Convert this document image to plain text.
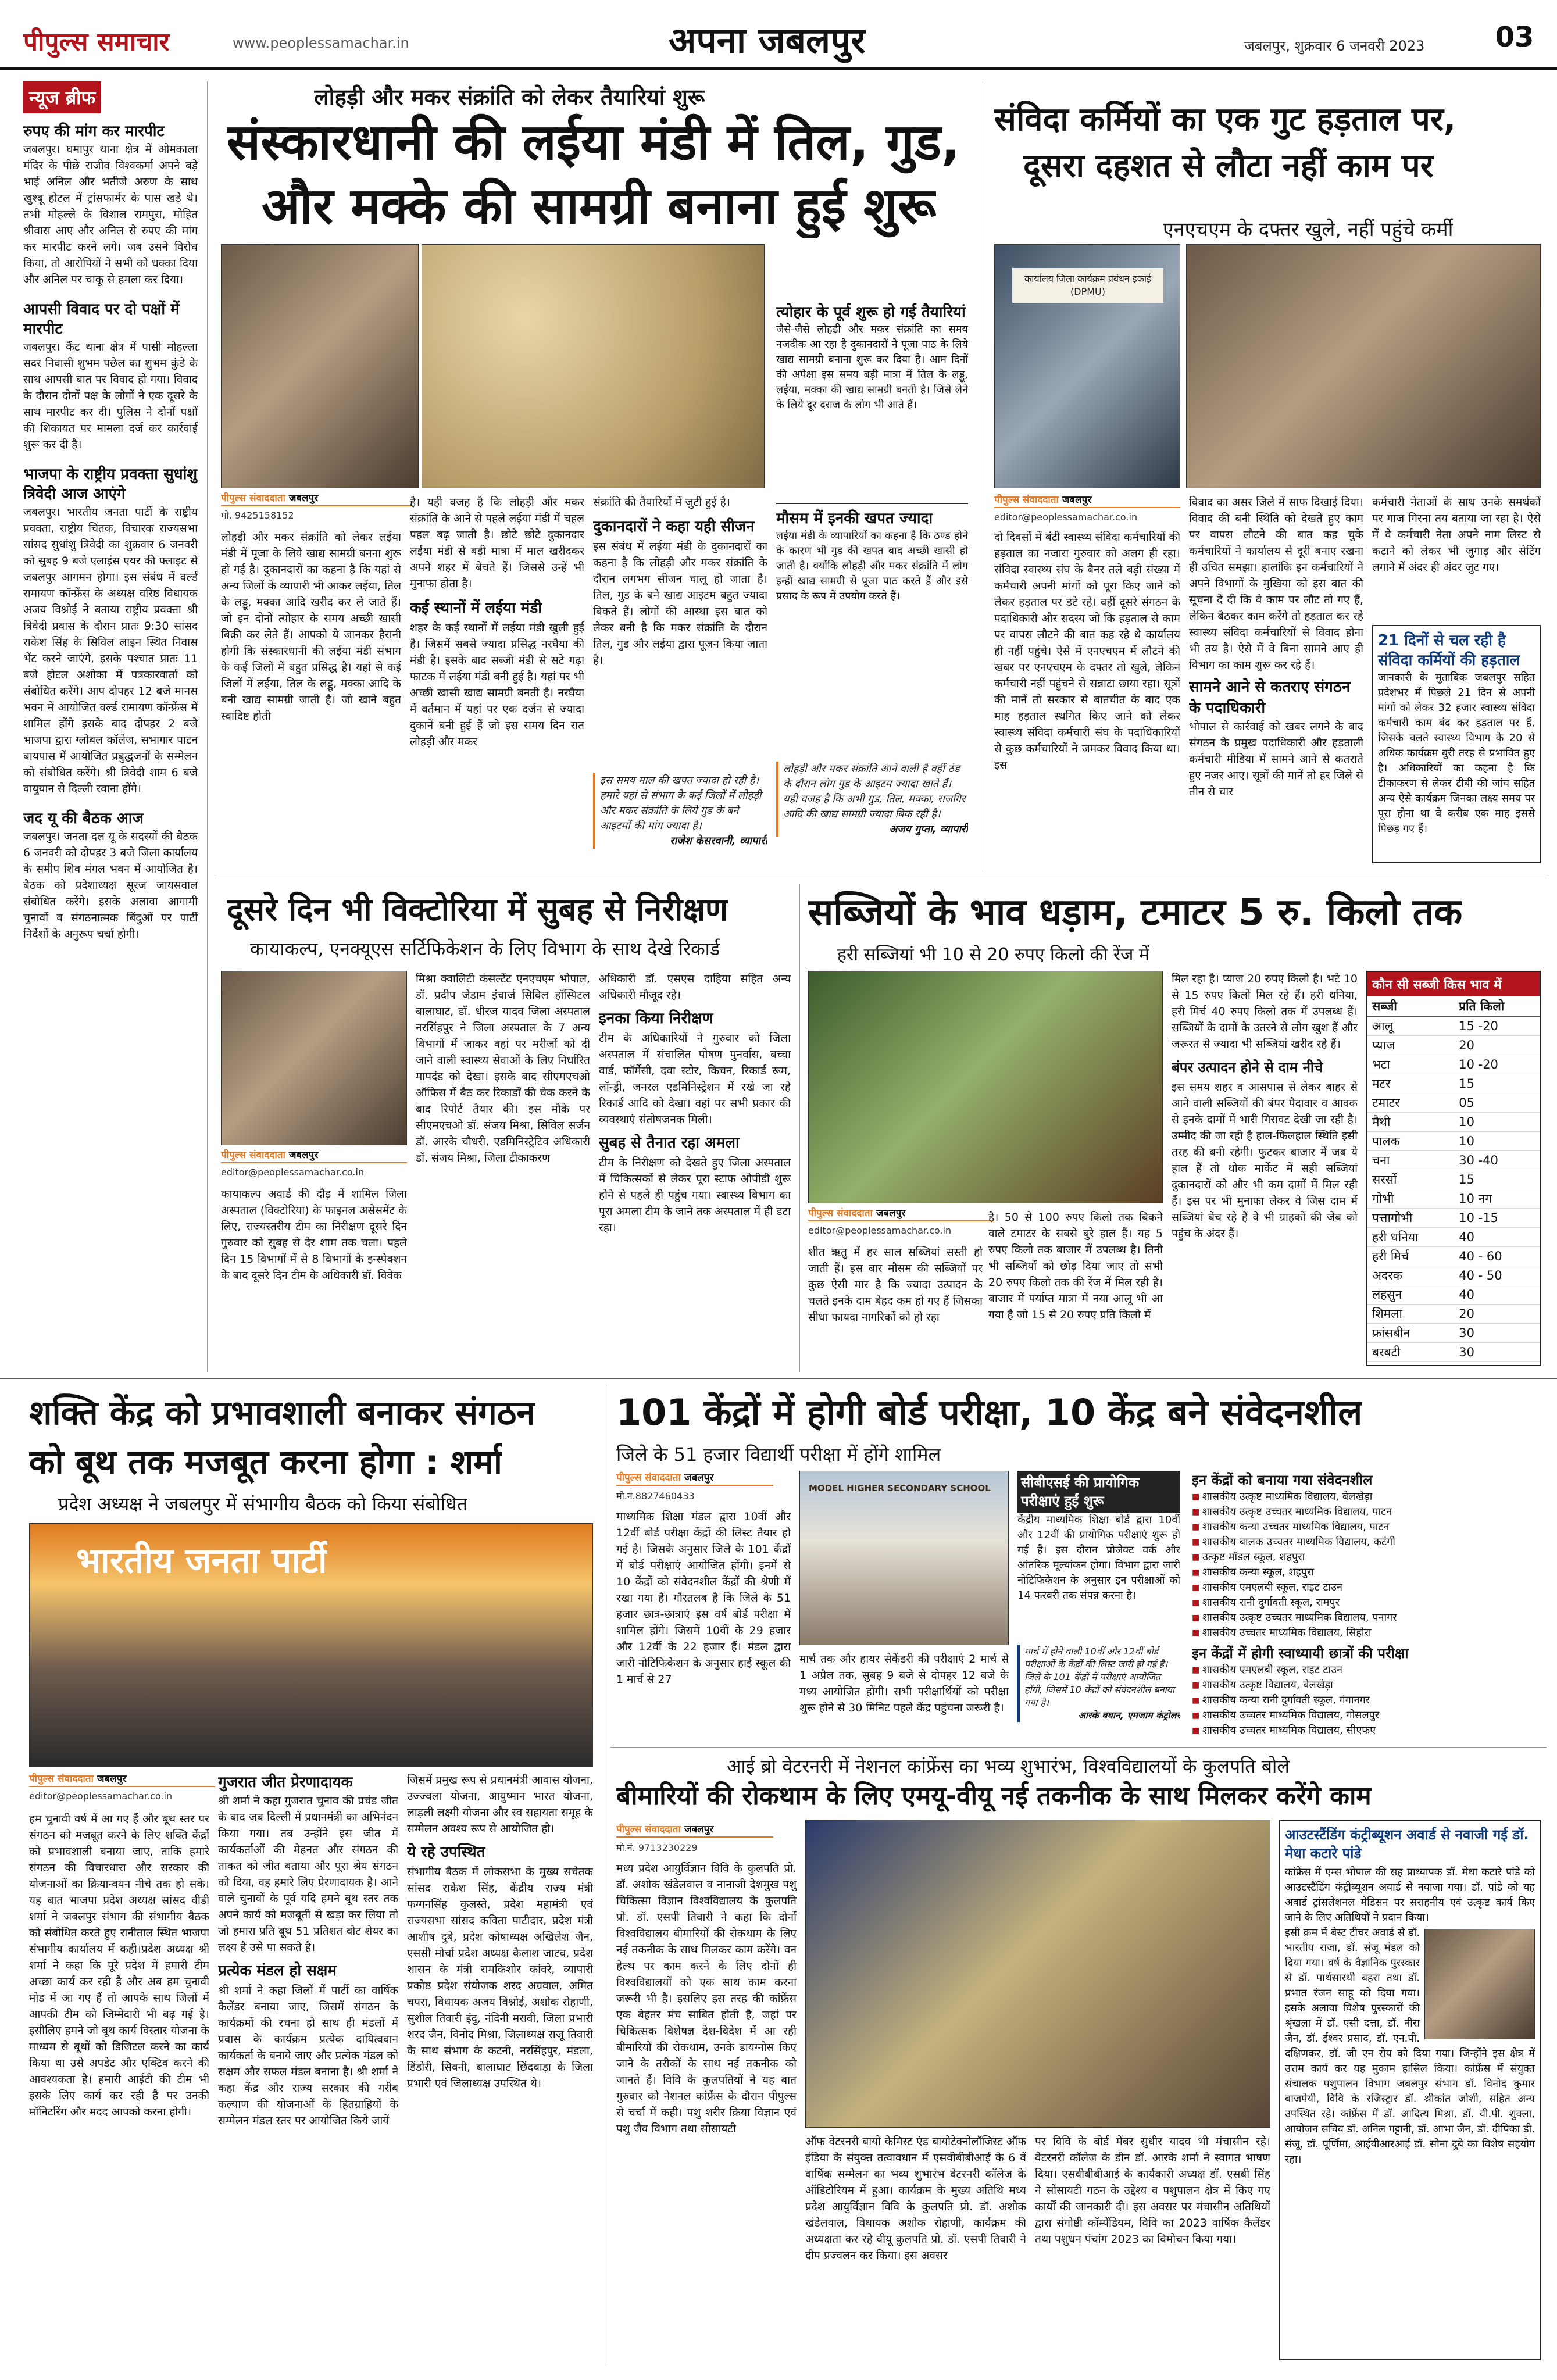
पीपुल्स समाचार	www.peoplessamachar.in	अपना जबलपुर	जबलपुर, शुक्रवार 6 जनवरी 2023	03
न्यूज ब्रीफ
रुपए की मांग कर मारपीट
जबलपुर। घमापुर थाना क्षेत्र में ओमकाला मंदिर के पीछे राजीव विश्वकर्मा अपने बड़े भाई अनिल और भतीजे अरुण के साथ खुश्बू होटल में ट्रांसफार्मर के पास खड़े थे। तभी मोहल्ले के विशाल रामपुरा, मोहित श्रीवास आए और अनिल से रुपए की मांग कर मारपीट करने लगे। जब उसने विरोध किया, तो आरोपियों ने सभी को धक्का दिया और अनिल पर चाकू से हमला कर दिया।
आपसी विवाद पर दो पक्षों में मारपीट
जबलपुर। कैंट थाना क्षेत्र में पासी मोहल्ला सदर निवासी शुभम पछेल का शुभम कुंडे के साथ आपसी बात पर विवाद हो गया। विवाद के दौरान दोनों पक्ष के लोगों ने एक दूसरे के साथ मारपीट कर दी। पुलिस ने दोनों पक्षों की शिकायत पर मामला दर्ज कर कार्रवाई शुरू कर दी है।
भाजपा के राष्ट्रीय प्रवक्ता सुधांशु त्रिवेदी आज आएंगे
जबलपुर। भारतीय जनता पार्टी के राष्ट्रीय प्रवक्ता, राष्ट्रीय चिंतक, विचारक राज्यसभा सांसद सुधांशु त्रिवेदी का शुक्रवार 6 जनवरी को सुबह 9 बजे एलाइंस एयर की फ्लाइट से जबलपुर आगमन होगा। इस संबंध में वर्ल्ड रामायण कॉन्फ्रेंस के अध्यक्ष वरिष्ठ विधायक अजय विश्नोई ने बताया राष्ट्रीय प्रवक्ता श्री त्रिवेदी प्रवास के दौरान प्रातः 9:30 सांसद राकेश सिंह के सिविल लाइन स्थित निवास भेंट करने जाएंगे, इसके पश्चात प्रातः 11 बजे होटल अशोका में पत्रकारवार्ता को संबोधित करेंगे। आप दोपहर 12 बजे मानस भवन में आयोजित वर्ल्ड रामायण कॉन्फ्रेंस में शामिल होंगे इसके बाद दोपहर 2 बजे भाजपा द्वारा ग्लोबल कॉलेज, सभागार पाटन बायपास में आयोजित प्रबुद्धजनों के सम्मेलन को संबोधित करेंगे। श्री त्रिवेदी शाम 6 बजे वायुयान से दिल्ली रवाना होंगे।
जद यू की बैठक आज
जबलपुर। जनता दल यू के सदस्यों की बैठक 6 जनवरी को दोपहर 3 बजे जिला कार्यालय के समीप शिव मंगल भवन में आयोजित है। बैठक को प्रदेशाध्यक्ष सूरज जायसवाल संबोधित करेंगे। इसके अलावा आगामी चुनावों व संगठनात्मक बिंदुओं पर पार्टी निर्देशों के अनुरूप चर्चा होगी।
लोहड़ी और मकर संक्रांति को लेकर तैयारियां शुरू
संस्कारधानी की लईया मंडी में तिल, गुड,
और मक्के की सामग्री बनाना हुई शुरू
पीपुल्स संवाददाता जबलपुर
मो. 9425158152
लोहड़ी और मकर संक्रांति को लेकर लईया मंडी में पूजा के लिये खाद्य सामग्री बनना शुरू हो गई है। दुकानदारों का कहना है कि यहां से अन्य जिलों के व्यापारी भी आकर लईया, तिल के लड्डू, मक्का आदि खरीद कर ले जाते हैं। जो इन दोनों त्योहार के समय अच्छी खासी बिक्री कर लेते हैं। आपको ये जानकर हैरानी होगी कि संस्कारधानी की लईया मंडी संभाग के कई जिलों में बहुत प्रसिद्ध है। यहां से कई जिलों में लईया, तिल के लड्डू, मक्का आदि के बनी खाद्य सामग्री जाती है। जो खाने बहुत स्वादिष्ट होती
है। यही वजह है कि लोहड़ी और मकर संक्रांति के आने से पहले लईया मंडी में चहल पहल बढ़ जाती है। छोटे छोटे दुकानदार लईया मंडी से बड़ी मात्रा में माल खरीदकर अपने शहर में बेचते हैं। जिससे उन्हें भी मुनाफा होता है।
कई स्थानों में लईया मंडी
शहर के कई स्थानों में लईया मंडी खुली हुई है। जिसमें सबसे ज्यादा प्रसिद्ध नरघैया की मंडी है। इसके बाद सब्जी मंडी से सटे गढ़ा फाटक में लईया मंडी बनी हुई है। यहां पर भी अच्छी खासी खाद्य सामग्री बनती है। नरघैया में वर्तमान में यहां पर एक दर्जन से ज्यादा दुकानें बनी हुई हैं जो इस समय दिन रात लोहड़ी और मकर
संक्रांति की तैयारियों में जुटी हुई है।
दुकानदारों ने कहा यही सीजन
इस संबंध में लईया मंडी के दुकानदारों का कहना है कि लोहड़ी और मकर संक्रांति के दौरान लगभग सीजन चालू हो जाता है। तिल, गुड के बने खाद्य आइटम बहुत ज्यादा बिकते हैं। लोगों की आस्था इस बात को लेकर बनी है कि मकर संक्रांति के दौरान तिल, गुड और लईया द्वारा पूजन किया जाता है।
इस समय माल की खपत ज्यादा हो रही है। हमारे यहां से संभाग के कई जिलों में लोहड़ी और मकर संक्रांति के लिये गुड के बने आइटमों की मांग ज्यादा है।
राजेश केसरवानी, व्यापारी
त्योहार के पूर्व शुरू हो गई तैयारियां
जैसे-जैसे लोहड़ी और मकर संक्रांति का समय नजदीक आ रहा है दुकानदारों ने पूजा पाठ के लिये खाद्य सामग्री बनाना शुरू कर दिया है। आम दिनों की अपेक्षा इस समय बड़ी मात्रा में तिल के लड्डू, लईया, मक्का की खाद्य सामग्री बनती है। जिसे लेने के लिये दूर दराज के लोग भी आते हैं।
मौसम में इनकी खपत ज्यादा
लईया मंडी के व्यापारियों का कहना है कि ठण्ड होने के कारण भी गुड की खपत बाद अच्छी खासी हो जाती है। क्योंकि लोहड़ी और मकर संक्रांति में लोग इन्हीं खाद्य सामग्री से पूजा पाठ करते हैं और इसे प्रसाद के रूप में उपयोग करते हैं।
लोहड़ी और मकर संक्रांति आने वाली है वहीं ठंड के दौरान लोग गुड के आइटम ज्यादा खाते हैं। यही वजह है कि अभी गुड, तिल, मक्का, राजगिर आदि की खाद्य सामग्री ज्यादा बिक रही है।
अजय गुप्ता, व्यापारी
संविदा कर्मियों का एक गुट हड़ताल पर,
दूसरा दहशत से लौटा नहीं काम पर
एनएचएम के दफ्तर खुले, नहीं पहुंचे कर्मी
कार्यालय जिला कार्यक्रम प्रबंधन इकाई (DPMU)
पीपुल्स संवाददाता जबलपुर
editor@peoplessamachar.co.in
दो दिवसों में बंटी स्वास्थ्य संविदा कर्मचारियों की हड़ताल का नजारा गुरुवार को अलग ही रहा। संविदा स्वास्थ्य संघ के बैनर तले बड़ी संख्या में कर्मचारी अपनी मांगों को पूरा किए जाने को लेकर हड़ताल पर डटे रहे। वहीं दूसरे संगठन के पदाधिकारी और सदस्य जो कि हड़ताल से काम पर वापस लौटने की बात कह रहे थे कार्यालय ही नहीं पहुंचे। ऐसे में एनएचएम में लौटने की खबर पर एनएचएम के दफ्तर तो खुले, लेकिन कर्मचारी नहीं पहुंचने से सन्नाटा छाया रहा। सूत्रों की मानें तो सरकार से बातचीत के बाद एक माह हड़ताल स्थगित किए जाने को लेकर स्वास्थ्य संविदा कर्मचारी संघ के पदाधिकारियों से कुछ कर्मचारियों ने जमकर विवाद किया था। इस
विवाद का असर जिले में साफ दिखाई दिया। विवाद की बनी स्थिति को देखते हुए काम पर वापस लौटने की बात कह चुके कर्मचारियों ने कार्यालय से दूरी बनाए रखना ही उचित समझा। हालांकि इन कर्मचारियों ने अपने विभागों के मुखिया को इस बात की सूचना दे दी कि वे काम पर लौट तो गए हैं, लेकिन बैठकर काम करेंगे तो हड़ताल कर रहे स्वास्थ्य संविदा कर्मचारियों से विवाद होना भी तय है। ऐसे में वे बिना सामने आए ही विभाग का काम शुरू कर रहे हैं।
सामने आने से कतराए संगठन के पदाधिकारी
भोपाल से कार्रवाई को खबर लगने के बाद संगठन के प्रमुख पदाधिकारी और हड़ताली कर्मचारी मीडिया में सामने आने से कतराते हुए नजर आए। सूत्रों की मानें तो हर जिले से तीन से चार
कर्मचारी नेताओं के साथ उनके समर्थकों पर गाज गिरना तय बताया जा रहा है। ऐसे में वे कर्मचारी नेता अपने नाम लिस्ट से कटाने को लेकर भी जुगाड़ और सेटिंग लगाने में अंदर ही अंदर जुट गए।
21 दिनों से चल रही है संविदा कर्मियों की हड़ताल
जानकारी के मुताबिक जबलपुर सहित प्रदेशभर में पिछले 21 दिन से अपनी मांगों को लेकर 32 हजार स्वास्थ्य संविदा कर्मचारी काम बंद कर हड़ताल पर हैं, जिसके चलते स्वास्थ्य विभाग के 20 से अधिक कार्यक्रम बुरी तरह से प्रभावित हुए है। अधिकारियों का कहना है कि टीकाकरण से लेकर टीबी की जांच सहित अन्य ऐसे कार्यक्रम जिनका लक्ष्य समय पर पूरा होना था वे करीब एक माह इससे पिछड़ गए हैं।
दूसरे दिन भी विक्टोरिया में सुबह से निरीक्षण
कायाकल्प, एनक्यूएस सर्टिफिकेशन के लिए विभाग के साथ देखे रिकार्ड
पीपुल्स संवाददाता जबलपुर
editor@peoplessamachar.co.in
कायाकल्प अवार्ड की दौड़ में शामिल जिला अस्पताल (विक्टोरिया) के फाइनल असेसमेंट के लिए, राज्यस्तरीय टीम का निरीक्षण दूसरे दिन गुरुवार को सुबह से देर शाम तक चला। पहले दिन 15 विभागों में से 8 विभागों के इन्स्पेक्शन के बाद दूसरे दिन टीम के अधिकारी डॉ. विवेक
मिश्रा क्वालिटी कंसल्टेंट एनएचएम भोपाल, डॉ. प्रदीप जेडाम इंचार्ज सिविल हॉस्पिटल बालाघाट, डॉ. धीरज यादव जिला अस्पताल नरसिंहपुर ने जिला अस्पताल के 7 अन्य विभागों में जाकर वहां पर मरीजों को दी जाने वाली स्वास्थ्य सेवाओं के लिए निर्धारित मापदंड को देखा। इसके बाद सीएमएचओ ऑफिस में बैठ कर रिकार्डों की चेक करने के बाद रिपोर्ट तैयार की। इस मौके पर सीएमएचओ डॉ. संजय मिश्रा, सिविल सर्जन डॉ. आरके चौधरी, एडमिनिस्ट्रेटिव अधिकारी डॉ. संजय मिश्रा, जिला टीकाकरण
अधिकारी डॉ. एसएस दाहिया सहित अन्य अधिकारी मौजूद रहे।
इनका किया निरीक्षण
टीम के अधिकारियों ने गुरुवार को जिला अस्पताल में संचालित पोषण पुनर्वास, बच्चा वार्ड, फॉर्मेसी, दवा स्टोर, किचन, रिकार्ड रूम, लॉन्ड्री, जनरल एडमिनिस्ट्रेशन में रखे जा रहे रिकार्ड आदि को देखा। वहां पर सभी प्रकार की व्यवस्थाएं संतोषजनक मिली।
सुबह से तैनात रहा अमला
टीम के निरीक्षण को देखते हुए जिला अस्पताल में चिकित्सकों से लेकर पूरा स्टाफ ओपीडी शुरू होने से पहले ही पहुंच गया। स्वास्थ्य विभाग का पूरा अमला टीम के जाने तक अस्पताल में ही डटा रहा।
सब्जियों के भाव धड़ाम, टमाटर 5 रु. किलो तक
हरी सब्जियां भी 10 से 20 रुपए किलो की रेंज में
पीपुल्स संवाददाता जबलपुर
editor@peoplessamachar.co.in
शीत ऋतु में हर साल सब्जियां सस्ती हो जाती हैं। इस बार मौसम की सब्जियों पर कुछ ऐसी मार है कि ज्यादा उत्पादन के चलते इनके दाम बेहद कम हो गए हैं जिसका सीधा फायदा नागरिकों को हो रहा
है। 50 से 100 रुपए किलो तक बिकने वाले टमाटर के सबसे बुरे हाल हैं। यह 5 रुपए किलो तक बाजार में उपलब्ध है। तिनी भी सब्जियों को छोड़ दिया जाए तो सभी 20 रुपए किलो तक की रेंज में मिल रही हैं। बाजार में पर्याप्त मात्रा में नया आलू भी आ गया है जो 15 से 20 रुपए प्रति किलो में
मिल रहा है। प्याज 20 रुपए किलो है। भटे 10 से 15 रुपए किलो मिल रहे हैं। हरी धनिया, हरी मिर्च 40 रुपए किलो तक में उपलब्ध हैं। सब्जियों के दामों के उतरने से लोग खुश हैं और जरूरत से ज्यादा भी सब्जियां खरीद रहे हैं।
बंपर उत्पादन होने से दाम नीचे
इस समय शहर व आसपास से लेकर बाहर से आने वाली सब्जियों की बंपर पैदावार व आवक से इनके दामों में भारी गिरावट देखी जा रही है। उम्मीद की जा रही है हाल-फिलहाल स्थिति इसी तरह की बनी रहेगी। फुटकर बाजार में जब ये हाल हैं तो थोक मार्केट में सही सब्जियां दुकानदारों को और भी कम दामों में मिल रही हैं। इस पर भी मुनाफा लेकर वे जिस दाम में सब्जियां बेच रहे हैं वे भी ग्राहकों की जेब को पहुंच के अंदर हैं।
कौन सी सब्जी किस भाव में
सब्जी	प्रति किलो
आलू	15 -20
प्याज	20
भटा	10 -20
मटर	15
टमाटर	05
मैथी	10
पालक	10
चना	30 -40
सरसों	15
गोभी	10 नग
पत्तागोभी	10 -15
हरी धनिया	40
हरी मिर्च	40 - 60
अदरक	40 - 50
लहसुन	40
शिमला	20
फ्रांसबीन	30
बरबटी	30
शक्ति केंद्र को प्रभावशाली बनाकर संगठन
को बूथ तक मजबूत करना होगा : शर्मा
प्रदेश अध्यक्ष ने जबलपुर में संभागीय बैठक को किया संबोधित
भारतीय जनता पार्टी
पीपुल्स संवाददाता जबलपुर
editor@peoplessamachar.co.in
हम चुनावी वर्ष में आ गए हैं और बूथ स्तर पर संगठन को मजबूत करने के लिए शक्ति केंद्रों को प्रभावशाली बनाया जाए, ताकि हमारे संगठन की विचारधारा और सरकार की योजनाओं का क्रियान्वयन नीचे तक हो सके। यह बात भाजपा प्रदेश अध्यक्ष सांसद वीडी शर्मा ने जबलपुर संभाग की संभागीय बैठक को संबोधित करते हुए रानीताल स्थित भाजपा संभागीय कार्यालय में कही।प्रदेश अध्यक्ष श्री शर्मा ने कहा कि पूरे प्रदेश में हमारी टीम अच्छा कार्य कर रही है और अब हम चुनावी मोड में आ गए हैं तो आपके साथ जिलों में आपकी टीम को जिम्मेदारी भी बढ़ गई है। इसीलिए हमने जो बूथ कार्य विस्तार योजना के माध्यम से बूथों को डिजिटल करने का कार्य किया था उसे अपडेट और एक्टिव करने की आवश्यकता है। हमारी आईटी की टीम भी इसके लिए कार्य कर रही है पर उनकी मॉनिटरिंग और मदद आपको करना होगी।
गुजरात जीत प्रेरणादायक
श्री शर्मा ने कहा गुजरात चुनाव की प्रचंड जीत के बाद जब दिल्ली में प्रधानमंत्री का अभिनंदन किया गया। तब उन्होंने इस जीत में कार्यकर्ताओं की मेहनत और संगठन की ताकत को जीत बताया और पूरा श्रेय संगठन को दिया, वह हमारे लिए प्रेरणादायक है। आने वाले चुनावों के पूर्व यदि हमने बूथ स्तर तक अपने कार्य को मजबूती से खड़ा कर लिया तो जो हमारा प्रति बूथ 51 प्रतिशत वोट शेयर का लक्ष्य है उसे पा सकते हैं।
प्रत्येक मंडल हो सक्षम
श्री शर्मा ने कहा जिलों में पार्टी का वार्षिक कैलेंडर बनाया जाए, जिसमें संगठन के कार्यक्रमों की रचना हो साथ ही मंडलों में प्रवास के कार्यक्रम प्रत्येक दायित्ववान कार्यकर्ता के बनाये जाए और प्रत्येक मंडल को सक्षम और सफल मंडल बनाना है। श्री शर्मा ने कहा केंद्र और राज्य सरकार की गरीब कल्याण की योजनाओं के हितग्राहियों के सम्मेलन मंडल स्तर पर आयोजित किये जायें
जिसमें प्रमुख रूप से प्रधानमंत्री आवास योजना, उज्ज्वला योजना, आयुष्मान भारत योजना, लाड़ली लक्ष्मी योजना और स्व सहायता समूह के सम्मेलन अवश्य रूप से आयोजित हो।
ये रहे उपस्थित
संभागीय बैठक में लोकसभा के मुख्य सचेतक सांसद राकेश सिंह, केंद्रीय राज्य मंत्री फग्गनसिंह कुलस्ते, प्रदेश महामंत्री एवं राज्यसभा सांसद कविता पाटीदार, प्रदेश मंत्री आशीष दुबे, प्रदेश कोषाध्यक्ष अखिलेश जैन, एससी मोर्चा प्रदेश अध्यक्ष कैलाश जाटव, प्रदेश शासन के मंत्री रामकिशोर कांवरे, व्यापारी प्रकोष्ठ प्रदेश संयोजक शरद अग्रवाल, अमित चपरा, विधायक अजय विश्नोई, अशोक रोहाणी, सुशील तिवारी इंदु, नंदिनी मरावी, जिला प्रभारी शरद जैन, विनोद मिश्रा, जिलाध्यक्ष राजू तिवारी के साथ संभाग के कटनी, नरसिंहपुर, मंडला, डिंडोरी, सिवनी, बालाघाट छिंदवाड़ा के जिला प्रभारी एवं जिलाध्यक्ष उपस्थित थे।
101 केंद्रों में होगी बोर्ड परीक्षा, 10 केंद्र बने संवेदनशील
जिले के 51 हजार विद्यार्थी परीक्षा में होंगे शामिल
पीपुल्स संवाददाता जबलपुर
मो.नं.8827460433
माध्यमिक शिक्षा मंडल द्वारा 10वीं और 12वीं बोर्ड परीक्षा केंद्रों की लिस्ट तैयार हो गई है। जिसके अनुसार जिले के 101 केंद्रों में बोर्ड परीक्षाएं आयोजित होंगी। इनमें से 10 केंद्रों को संवेदनशील केंद्रों की श्रेणी में रखा गया है। गौरतलब है कि जिले के 51 हजार छात्र-छात्राएं इस वर्ष बोर्ड परीक्षा में शामिल होंगे। जिसमें 10वीं के 29 हजार और 12वीं के 22 हजार हैं। मंडल द्वारा जारी नोटिफिकेशन के अनुसार हाई स्कूल की 1 मार्च से 27
MODEL HIGHER SECONDARY SCHOOL
मार्च तक और हायर सेकेंडरी की परीक्षाएं 2 मार्च से 1 अप्रैल तक, सुबह 9 बजे से दोपहर 12 बजे के मध्य आयोजित होंगी। सभी परीक्षार्थियों को परीक्षा शुरू होने से 30 मिनिट पहले केंद्र पहुंचना जरूरी है।
सीबीएसई की प्रायोगिक परीक्षाएं हुईं शुरू
केंद्रीय माध्यमिक शिक्षा बोर्ड द्वारा 10वीं और 12वीं की प्रायोगिक परीक्षाएं शुरू हो गई हैं। इस दौरान प्रोजेक्ट वर्क और आंतरिक मूल्यांकन होगा। विभाग द्वारा जारी नोटिफिकेशन के अनुसार इन परीक्षाओं को 14 फरवरी तक संपन्न करना है।
मार्च में होने वाली 10वीं और 12वीं बोर्ड परीक्षाओं के केंद्रों की लिस्ट जारी हो गई है। जिले के 101 केंद्रों में परीक्षाएं आयोजित होंगी, जिसमें 10 केंद्रों को संवेदनशील बनाया गया है।
आरके बघान, एमजाम कंट्रोलर
इन केंद्रों को बनाया गया संवेदनशील
■ शासकीय उत्कृष्ट माध्यमिक विद्यालय, बेलखेड़ा
■ शासकीय उत्कृष्ट उच्चतर माध्यमिक विद्यालय, पाटन
■ शासकीय कन्या उच्चतर माध्यमिक विद्यालय, पाटन
■ शासकीय बालक उच्चतर माध्यमिक विद्यालय, कटंगी
■ उत्कृष्ट मॉडल स्कूल, शहपुरा
■ शासकीय कन्या स्कूल, शहपुरा
■ शासकीय एमएलबी स्कूल, राइट टाउन
■ शासकीय रानी दुर्गावती स्कूल, रामपुर
■ शासकीय उत्कृष्ट उच्चतर माध्यमिक विद्यालय, पनागर
■ शासकीय उच्चतर माध्यमिक विद्यालय, सिहोरा
इन केंद्रों में होगी स्वाध्यायी छात्रों की परीक्षा
■ शासकीय एमएलबी स्कूल, राइट टाउन
■ शासकीय उत्कृष्ट विद्यालय, बेलखेड़ा
■ शासकीय कन्या रानी दुर्गावती स्कूल, गंगानगर
■ शासकीय उच्चतर माध्यमिक विद्यालय, गोसलपुर
■ शासकीय उच्चतर माध्यमिक विद्यालय, सीएफए
आई ब्रो वेटरनरी में नेशनल कांफ्रेंस का भव्य शुभारंभ, विश्वविद्यालयों के कुलपति बोले
बीमारियों की रोकथाम के लिए एमयू-वीयू नई तकनीक के साथ मिलकर करेंगे काम
पीपुल्स संवाददाता जबलपुर
मो.नं. 9713230229
मध्य प्रदेश आयुर्विज्ञान विवि के कुलपति प्रो. डॉ. अशोक खंडेलवाल व नानाजी देशमुख पशु चिकित्सा विज्ञान विश्वविद्यालय के कुलपति प्रो. डॉ. एसपी तिवारी ने कहा कि दोनों विश्वविद्यालय बीमारियों की रोकथाम के लिए नई तकनीक के साथ मिलकर काम करेंगे। वन हेल्थ पर काम करने के लिए दोनों ही विश्वविद्यालयों को एक साथ काम करना जरूरी भी है। इसलिए इस तरह की कांफ्रेंस एक बेहतर मंच साबित होती है, जहां पर चिकित्सक विशेषज्ञ देश-विदेश में आ रही बीमारियों की रोकथाम, उनके डायग्नोस किए जाने के तरीकों के साथ नई तकनीक को जानते हैं। विवि के कुलपतियों ने यह बात गुरुवार को नेशनल कांफ्रेंस के दौरान पीपुल्स से चर्चा में कही। पशु शरीर क्रिया विज्ञान एवं पशु जैव विभाग तथा सोसायटी
ऑफ वेटरनरी बायो केमिस्ट एंड बायोटेक्नोलॉजिस्ट ऑफ इंडिया के संयुक्त तत्वावधान में एसवीबीबीआई के 6 वें वार्षिक सम्मेलन का भव्य शुभारंभ वेटरनरी कॉलेज के ऑडिटोरियम में हुआ। कार्यक्रम के मुख्य अतिथि मध्य प्रदेश आयुर्विज्ञान विवि के कुलपति प्रो. डॉ. अशोक खंडेलवाल, विधायक अशोक रोहाणी, कार्यक्रम की अध्यक्षता कर रहे वीयू कुलपति प्रो. डॉ. एसपी तिवारी ने दीप प्रज्वलन कर किया। इस अवसर
पर विवि के बोर्ड मेंबर सुधीर यादव भी मंचासीन रहे। वेटरनरी कॉलेज के डीन डॉ. आरके शर्मा ने स्वागत भाषण दिया। एसवीबीबीआई के कार्यकारी अध्यक्ष डॉ. एसबी सिंह ने सोसायटी गठन के उद्देश्य व पशुपालन क्षेत्र में किए गए कार्यों की जानकारी दी। इस अवसर पर मंचासीन अतिथियों द्वारा संगोष्ठी कॉम्पेंडियम, विवि का 2023 वार्षिक कैलेंडर तथा पशुधन पंचांग 2023 का विमोचन किया गया।
आउटस्टैंडिंग कंट्रीब्यूशन अवार्ड से नवाजी गई डॉ. मेधा कटारे पांडे
कांफ्रेंस में एम्स भोपाल की सह प्राध्यापक डॉ. मेधा कटारे पांडे को आउटस्टैंडिंग कंट्रीब्यूशन अवार्ड से नवाजा गया। डॉ. पांडे को यह अवार्ड ट्रांसलेशनल मेडिसन पर सराहनीय एवं उत्कृष्ट कार्य किए जाने के लिए अतिथियों ने प्रदान किया।
इसी क्रम में बेस्ट टीचर अवार्ड से डॉ. भारतीय राजा, डॉ. संजू मंडल को दिया गया। वर्ष के वैज्ञानिक पुरस्कार से डॉ. पार्थसारथी बहरा तथा डॉ. प्रभात रंजन साहू को दिया गया। इसके अलावा विशेष पुरस्कारों की श्रृंखला में डॉ. एसी दत्ता, डॉ. नीरा जैन, डॉ. ईश्वर प्रसाद, डॉ. एन.पी. दक्षिणकर, डॉ. जी एन रोय को दिया गया। जिन्होंने इस क्षेत्र में उत्तम कार्य कर यह मुकाम हासिल किया। कांफ्रेंस में संयुक्त संचालक पशुपालन विभाग जबलपुर संभाग डॉ. विनोद कुमार बाजपेयी, विवि के रजिस्ट्रार डॉ. श्रीकांत जोशी, सहित अन्य उपस्थित रहे। कांफ्रेंस में डॉ. आदित्य मिश्रा, डॉ. वी.पी. शुक्ला, आयोजन सचिव डॉ. अनिल गट्टानी, डॉ. आभा जैन, डॉ. दीपिका डी. संजू, डॉ. पूर्णिमा, आईवीआरआई डॉ. सोना दुबे का विशेष सहयोग रहा।
